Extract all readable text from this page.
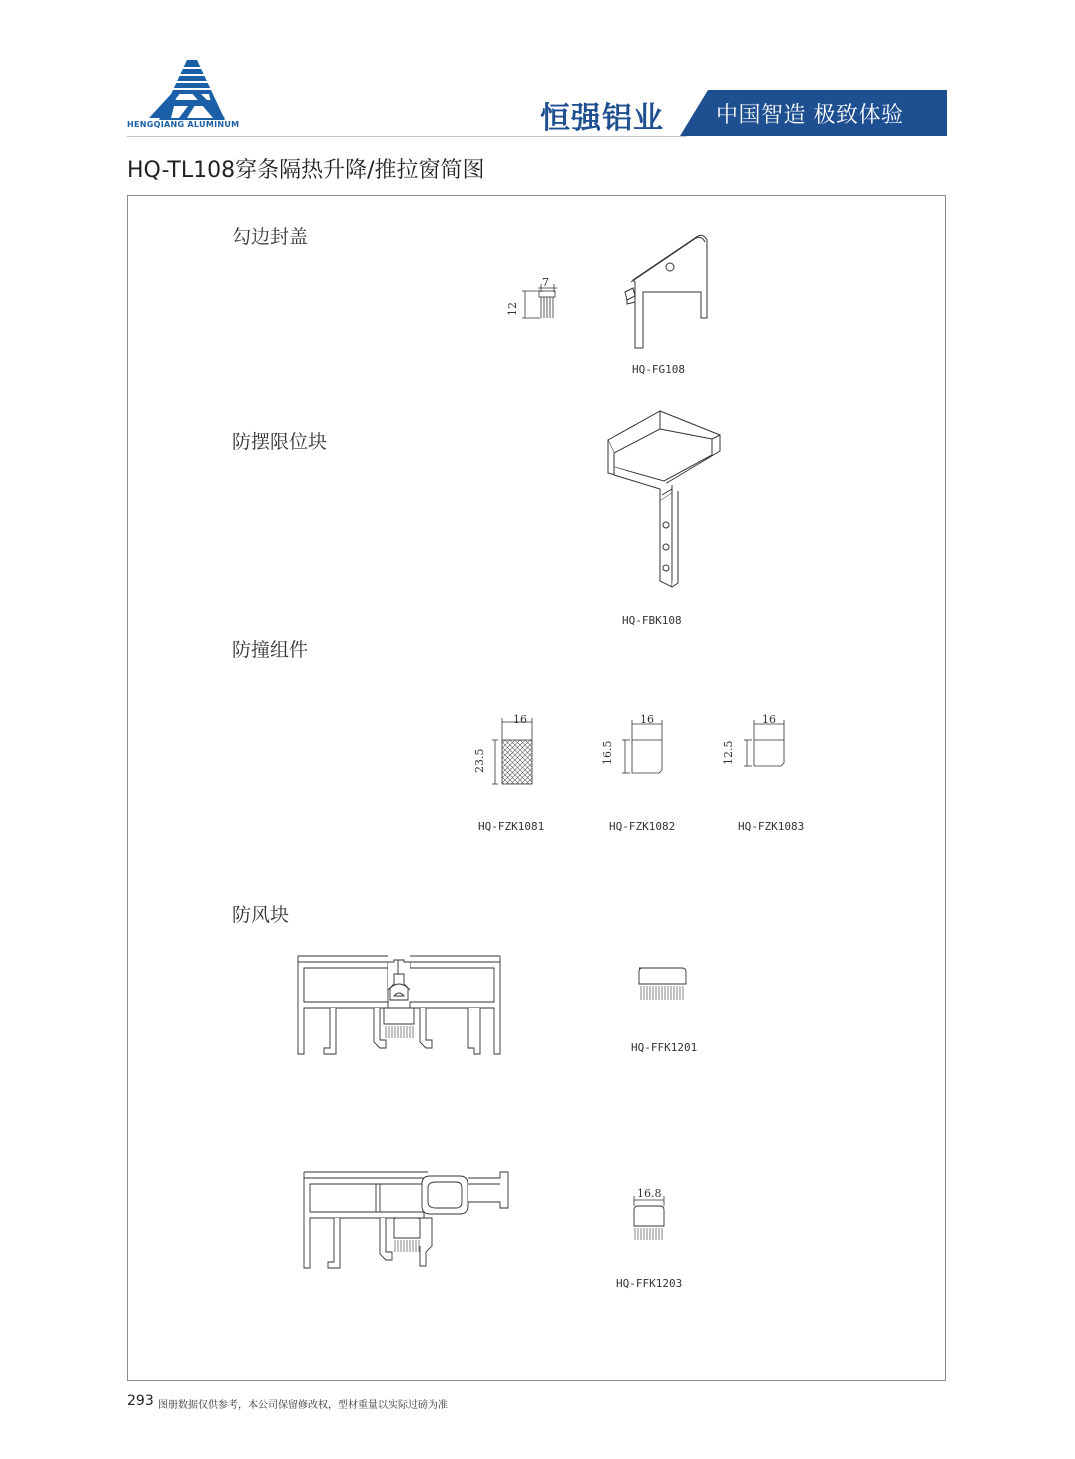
HENGQIANG ALUMINUM	恒强铝业 中国智造 极致体验
HQ-TL108穿条隔热升降/推拉窗简图
勾边封盖
7
12
HQ-FG108
防摆限位块
HQ-FBK108
防撞组件
16
23.5
HQ-FZK1081
16
16.5
HQ-FZK1082
16
12.5
HQ-FZK1083
防风块
HQ-FFK1201
16.8
HQ-FFK1203
293 图册数据仅供参考，本公司保留修改权，型材重量以实际过磅为准
